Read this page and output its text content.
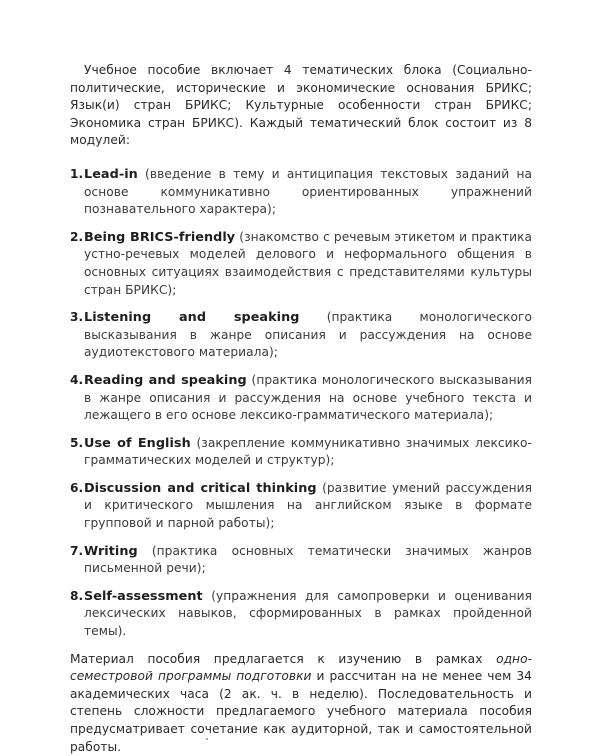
Учебное пособие включает 4 тематических блока (Социально-политические, исторические и экономические основания БРИКС; Язык(и) стран БРИКС; Культурные особенности стран БРИКС; Экономика стран БРИКС). Каждый тематический блок состоит из 8 модулей:

1. Lead-in (введение в тему и антиципация текстовых заданий на основе коммуникативно ориентированных упражнений познавательного характера);
2. Being BRICS-friendly (знакомство с речевым этикетом и практика устно-речевых моделей делового и неформального общения в основных ситуациях взаимодействия с представителями культуры стран БРИКС);
3. Listening and speaking (практика монологического высказывания в жанре описания и рассуждения на основе аудиотекстового материала);
4. Reading and speaking (практика монологического высказывания в жанре описания и рассуждения на основе учебного текста и лежащего в его основе лексико-грамматического материала);
5. Use of English (закрепление коммуникативно значимых лексико-грамматических моделей и структур);
6. Discussion and critical thinking (развитие умений рассуждения и критического мышления на английском языке в формате групповой и парной работы);
7. Writing (практика основных тематически значимых жанров письменной речи);
8. Self-assessment (упражнения для самопроверки и оценивания лексических навыков, сформированных в рамках пройденной темы).

Материал пособия предлагается к изучению в рамках односеместровой программы подготовки и рассчитан на не менее чем 34 академических часа (2 ак. ч. в неделю). Последовательность и степень сложности предлагаемого учебного материала пособия предусматривает сочетание как аудиторной, так и самостоятельной работы.
